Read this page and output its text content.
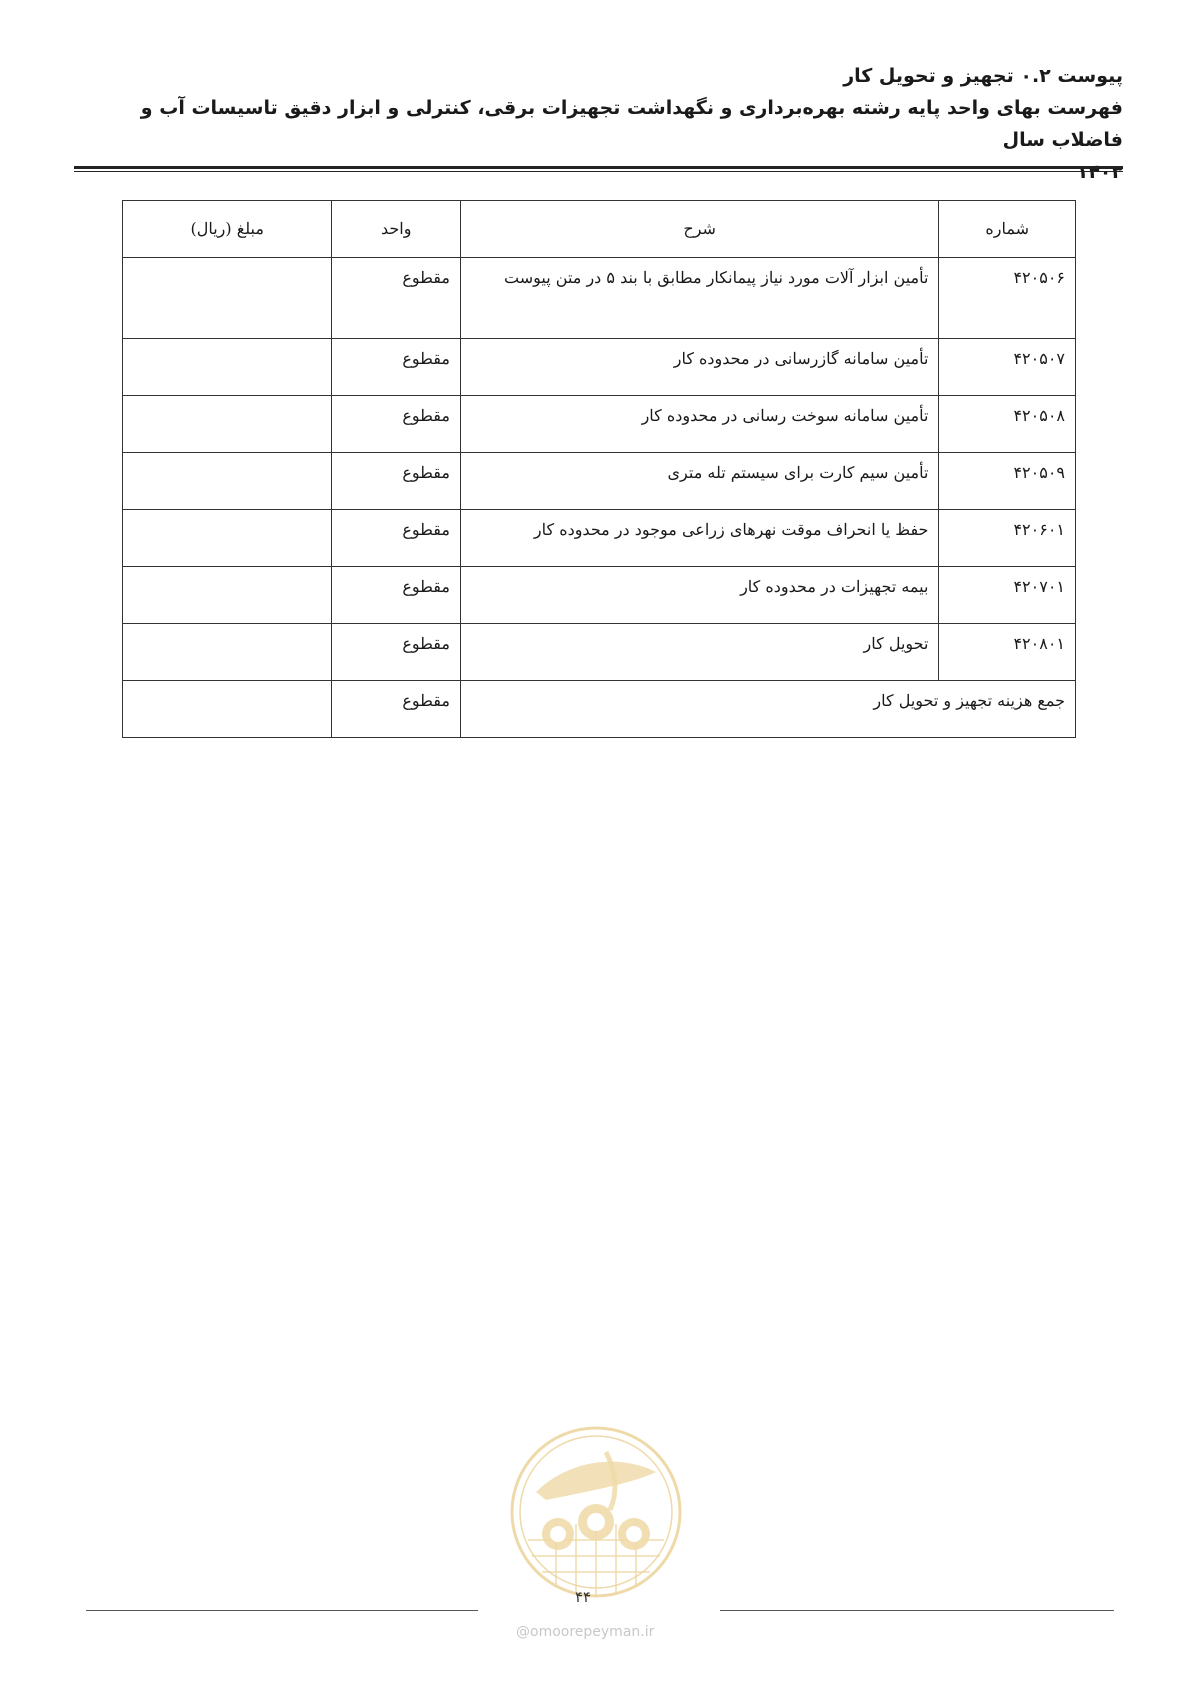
پیوست ۰.۲ تجهیز و تحویل کار
فهرست بهای واحد پایه رشته بهره‌برداری و نگهداشت تجهیزات برقی، کنترلی و ابزار دقیق تاسیسات آب و فاضلاب سال
۱۴۰۳
شماره	شرح	واحد	مبلغ (ریال)
۴۲۰۵۰۶	تأمین ابزار آلات مورد نیاز پیمانکار مطابق با بند ۵ در متن پیوست	مقطوع	
۴۲۰۵۰۷	تأمین سامانه گازرسانی در محدوده کار	مقطوع	
۴۲۰۵۰۸	تأمین سامانه سوخت رسانی در محدوده کار	مقطوع	
۴۲۰۵۰۹	تأمین سیم کارت برای سیستم تله متری	مقطوع	
۴۲۰۶۰۱	حفظ یا انحراف موقت نهرهای زراعی موجود در محدوده کار	مقطوع	
۴۲۰۷۰۱	بیمه تجهیزات در محدوده کار	مقطوع	
۴۲۰۸۰۱	تحویل کار	مقطوع	
جمع هزینه تجهیز و تحویل کار		مقطوع	
۴۴
@omoorepeyman.ir
